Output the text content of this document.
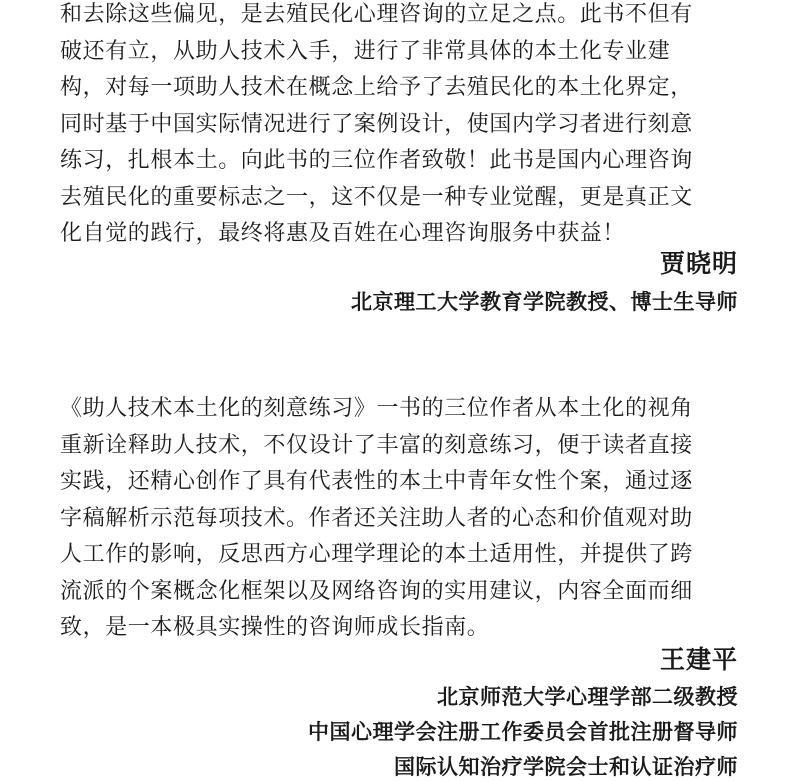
和去除这些偏见，是去殖民化心理咨询的立足之点。此书不但有
破还有立，从助人技术入手，进行了非常具体的本土化专业建
构，对每一项助人技术在概念上给予了去殖民化的本土化界定，
同时基于中国实际情况进行了案例设计，使国内学习者进行刻意
练习，扎根本土。向此书的三位作者致敬！此书是国内心理咨询
去殖民化的重要标志之一，这不仅是一种专业觉醒，更是真正文
化自觉的践行，最终将惠及百姓在心理咨询服务中获益！
贾晓明
北京理工大学教育学院教授、博士生导师
《助人技术本土化的刻意练习》一书的三位作者从本土化的视角
重新诠释助人技术，不仅设计了丰富的刻意练习，便于读者直接
实践，还精心创作了具有代表性的本土中青年女性个案，通过逐
字稿解析示范每项技术。作者还关注助人者的心态和价值观对助
人工作的影响，反思西方心理学理论的本土适用性，并提供了跨
流派的个案概念化框架以及网络咨询的实用建议，内容全面而细
致，是一本极具实操性的咨询师成长指南。
王建平
北京师范大学心理学部二级教授
中国心理学会注册工作委员会首批注册督导师
国际认知治疗学院会士和认证治疗师
